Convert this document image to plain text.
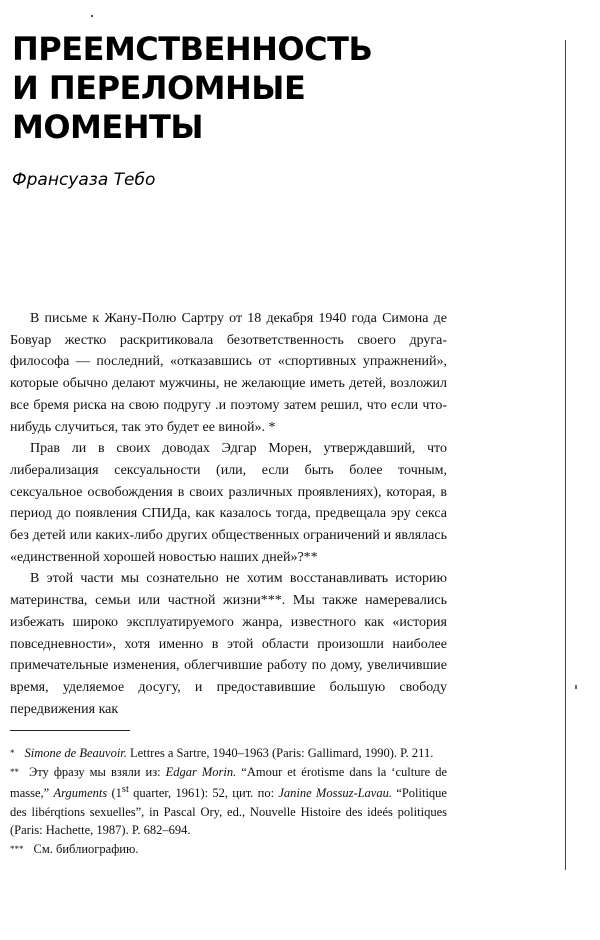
ПРЕЕМСТВЕННОСТЬ
И ПЕРЕЛОМНЫЕ
МОМЕНТЫ

Франсуаза Тебо

В письме к Жану-Полю Сартру от 18 декабря 1940 года Симона де Бовуар жестко раскритиковала безответственность своего друга-философа — последний, «отказавшись от «спортивных упражнений», которые обычно делают мужчины, не желающие иметь детей, возложил все бремя риска на свою подругу .и поэтому затем решил, что если что-нибудь случиться, так это будет ее виной». *

Прав ли в своих доводах Эдгар Морен, утверждавший, что либерализация сексуальности (или, если быть более точным, сексуальное освобождения в своих различных проявлениях), которая, в период до появления СПИДа, как казалось тогда, предвещала эру секса без детей или каких-либо других общественных ограничений и являлась «единственной хорошей новостью наших дней»?**

В этой части мы сознательно не хотим восстанавливать историю материнства, семьи или частной жизни***. Мы также намеревались избежать широко эксплуатируемого жанра, известного как «история повседневности», хотя именно в этой области произошли наиболее примечательные изменения, облегчившие работу по дому, увеличившие время, уделяемое досугу, и предоставившие большую свободу передвижения как

* Simone de Beauvoir. Lettres a Sartre, 1940–1963 (Paris: Gallimard, 1990). P. 211.

** Эту фразу мы взяли из: Edgar Morin. “Amour et érotisme dans la ‘culture de masse,” Arguments (1st quarter, 1961): 52, цит. по: Janine Mossuz-Lavau. “Politique des libérqtions sexuelles”, in Pascal Ory, ed., Nouvelle Histoire des ideés politiques (Paris: Hachette, 1987). P. 682–694.

*** См. библиографию.
